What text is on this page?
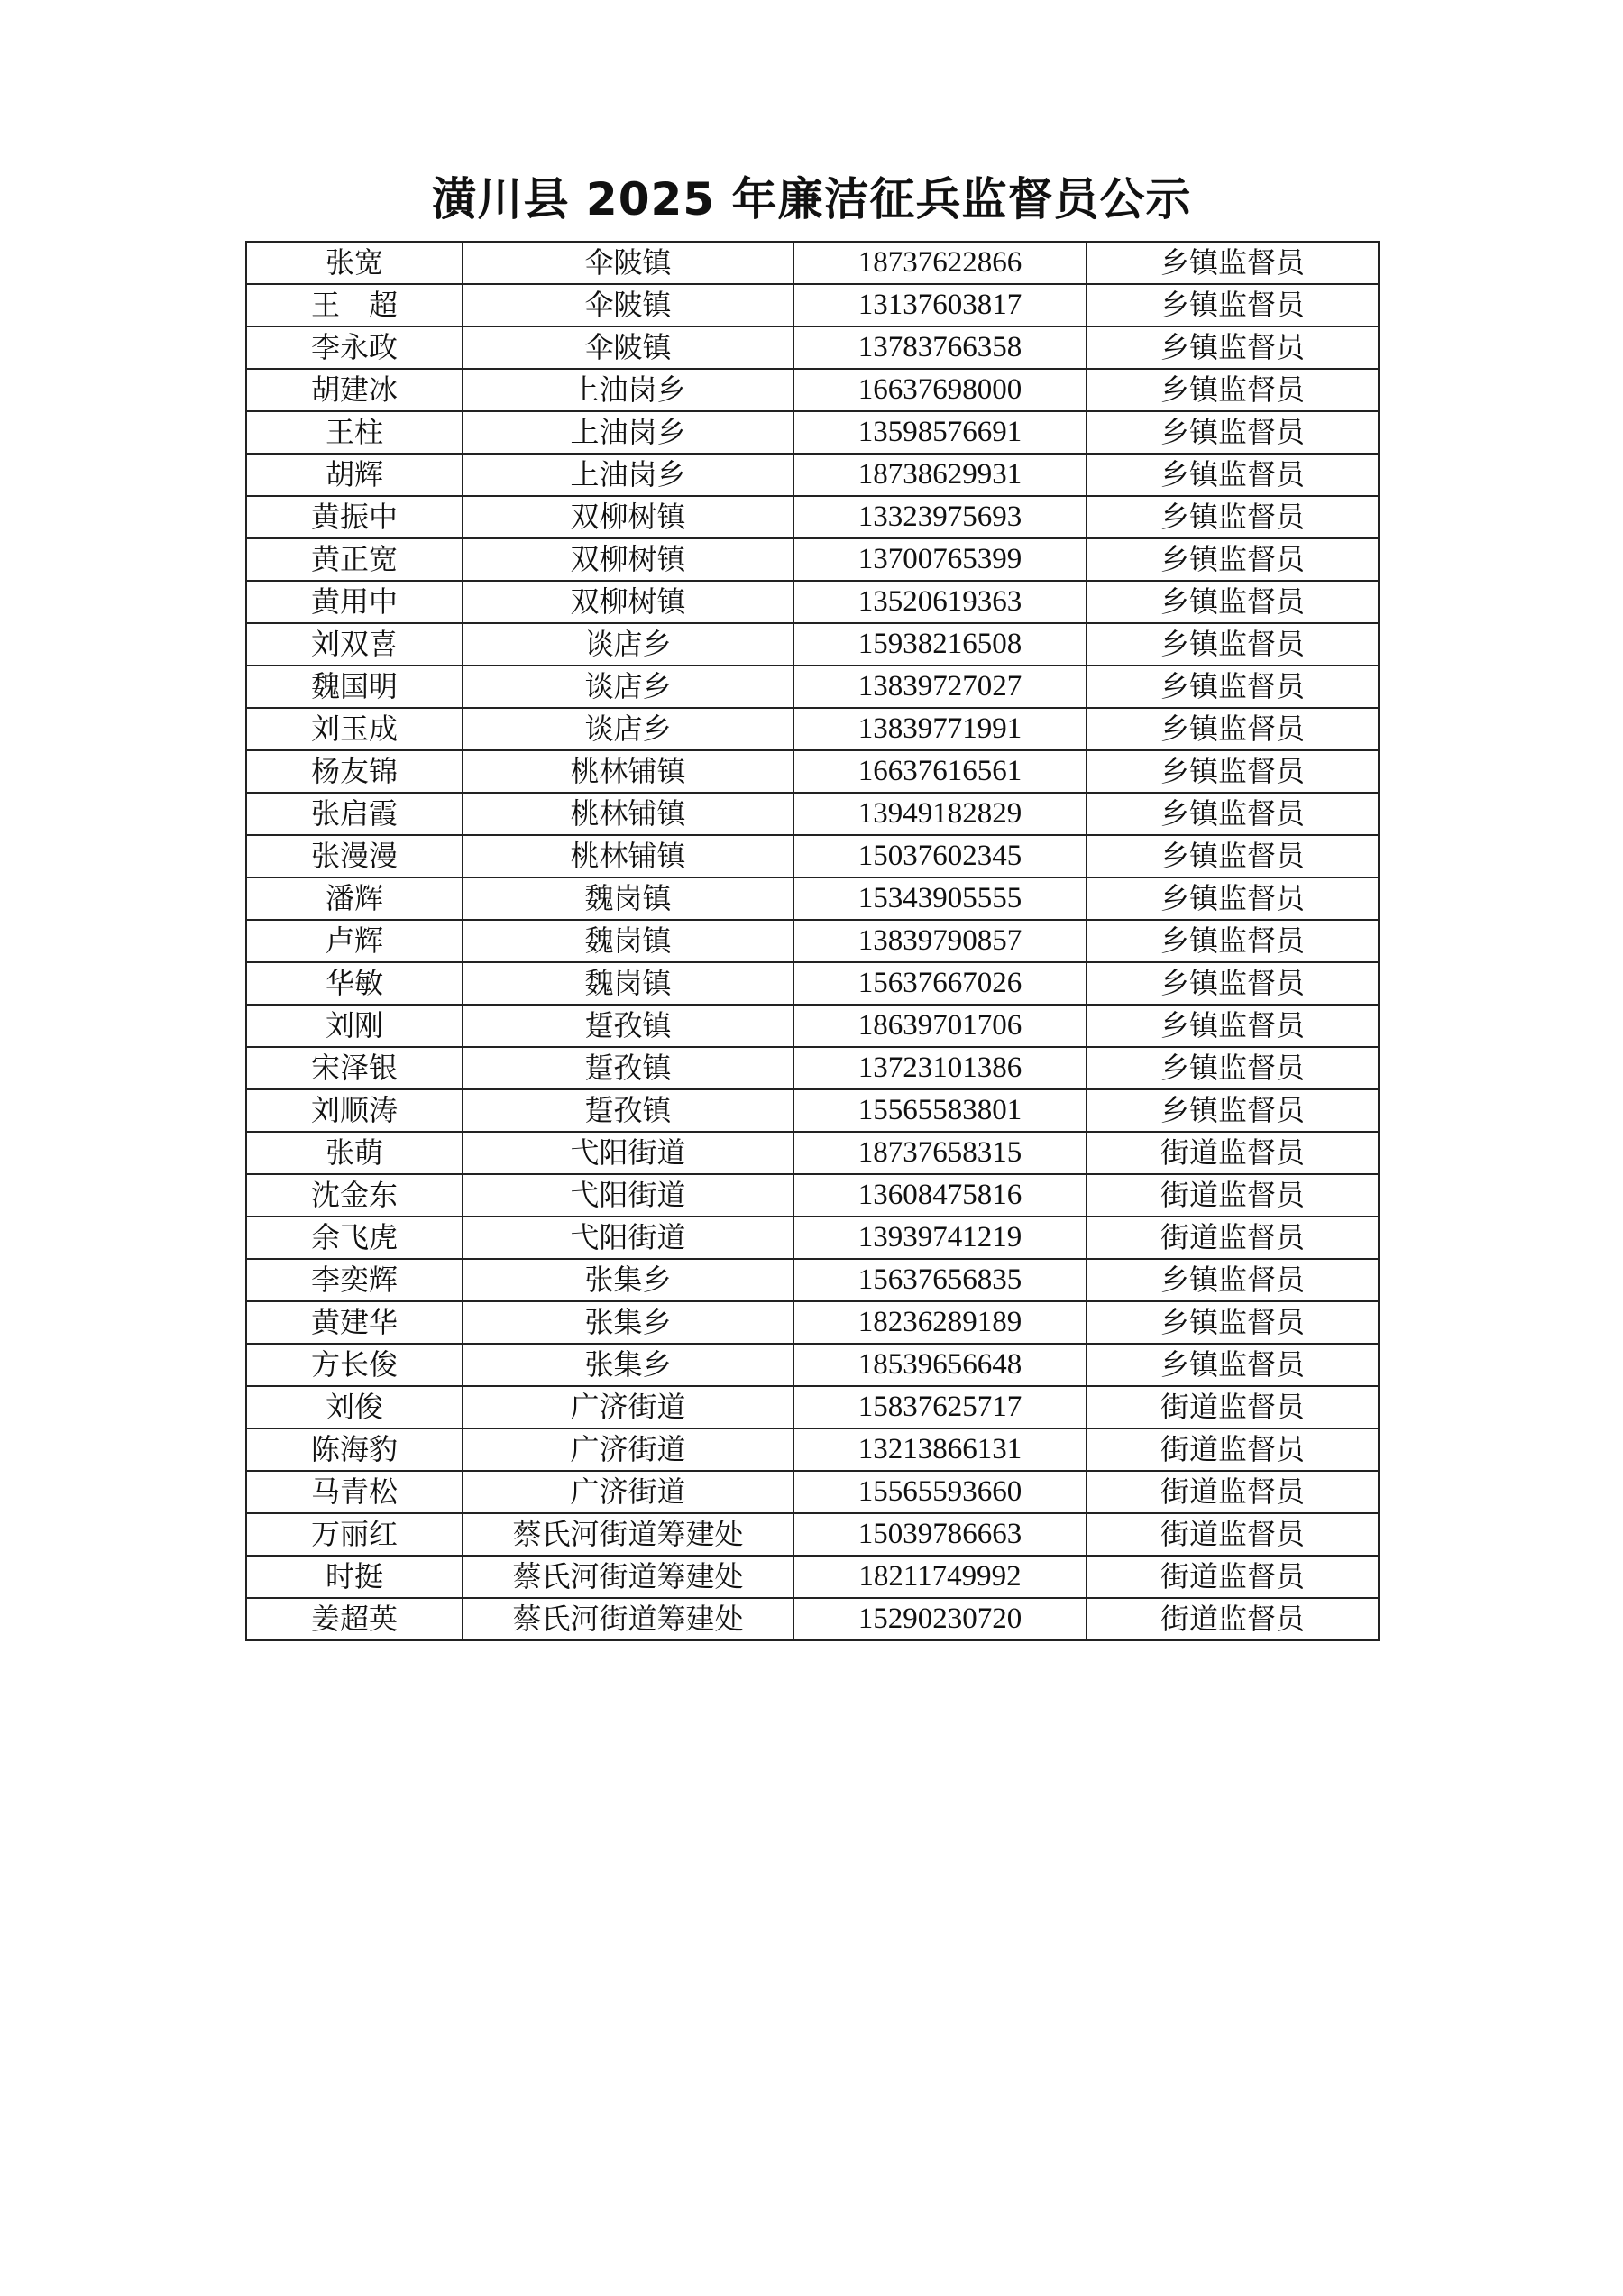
潢川县 2025 年廉洁征兵监督员公示
张宽	伞陂镇	18737622866	乡镇监督员
王　超	伞陂镇	13137603817	乡镇监督员
李永政	伞陂镇	13783766358	乡镇监督员
胡建冰	上油岗乡	16637698000	乡镇监督员
王柱	上油岗乡	13598576691	乡镇监督员
胡辉	上油岗乡	18738629931	乡镇监督员
黄振中	双柳树镇	13323975693	乡镇监督员
黄正宽	双柳树镇	13700765399	乡镇监督员
黄用中	双柳树镇	13520619363	乡镇监督员
刘双喜	谈店乡	15938216508	乡镇监督员
魏国明	谈店乡	13839727027	乡镇监督员
刘玉成	谈店乡	13839771991	乡镇监督员
杨友锦	桃林铺镇	16637616561	乡镇监督员
张启霞	桃林铺镇	13949182829	乡镇监督员
张漫漫	桃林铺镇	15037602345	乡镇监督员
潘辉	魏岗镇	15343905555	乡镇监督员
卢辉	魏岗镇	13839790857	乡镇监督员
华敏	魏岗镇	15637667026	乡镇监督员
刘刚	踅孜镇	18639701706	乡镇监督员
宋泽银	踅孜镇	13723101386	乡镇监督员
刘顺涛	踅孜镇	15565583801	乡镇监督员
张萌	弋阳街道	18737658315	街道监督员
沈金东	弋阳街道	13608475816	街道监督员
余飞虎	弋阳街道	13939741219	街道监督员
李奕辉	张集乡	15637656835	乡镇监督员
黄建华	张集乡	18236289189	乡镇监督员
方长俊	张集乡	18539656648	乡镇监督员
刘俊	广济街道	15837625717	街道监督员
陈海豹	广济街道	13213866131	街道监督员
马青松	广济街道	15565593660	街道监督员
万丽红	蔡氏河街道筹建处	15039786663	街道监督员
时挺	蔡氏河街道筹建处	18211749992	街道监督员
姜超英	蔡氏河街道筹建处	15290230720	街道监督员
